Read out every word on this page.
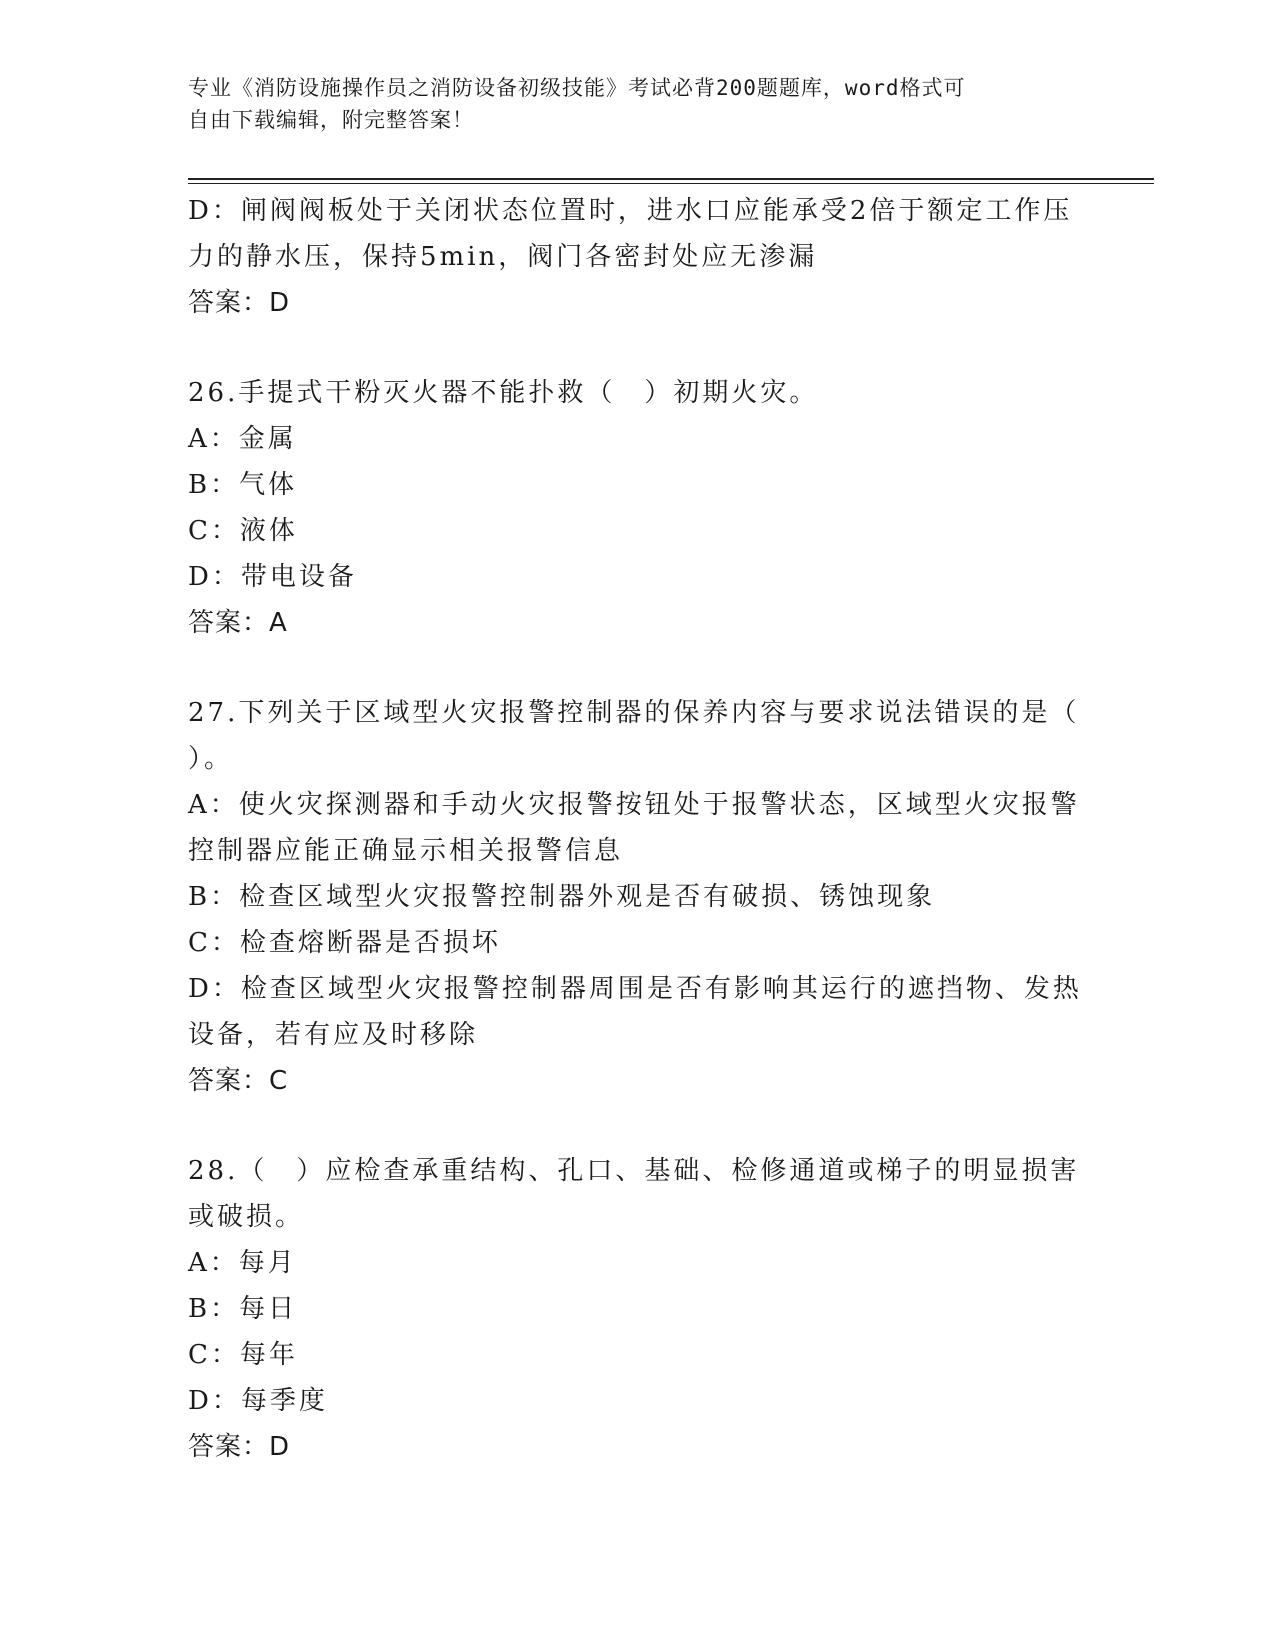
专业《消防设施操作员之消防设备初级技能》考试必背200题题库，word格式可
自由下载编辑，附完整答案！
D：闸阀阀板处于关闭状态位置时，进水口应能承受2倍于额定工作压
力的静水压，保持5min，阀门各密封处应无渗漏
答案：D
26.手提式干粉灭火器不能扑救（　）初期火灾。
A：金属
B：气体
C：液体
D：带电设备
答案：A
27.下列关于区域型火灾报警控制器的保养内容与要求说法错误的是（
）。
A：使火灾探测器和手动火灾报警按钮处于报警状态，区域型火灾报警
控制器应能正确显示相关报警信息
B：检查区域型火灾报警控制器外观是否有破损、锈蚀现象
C：检查熔断器是否损坏
D：检查区域型火灾报警控制器周围是否有影响其运行的遮挡物、发热
设备，若有应及时移除
答案：C
28.（　）应检查承重结构、孔口、基础、检修通道或梯子的明显损害
或破损。
A：每月
B：每日
C：每年
D：每季度
答案：D
